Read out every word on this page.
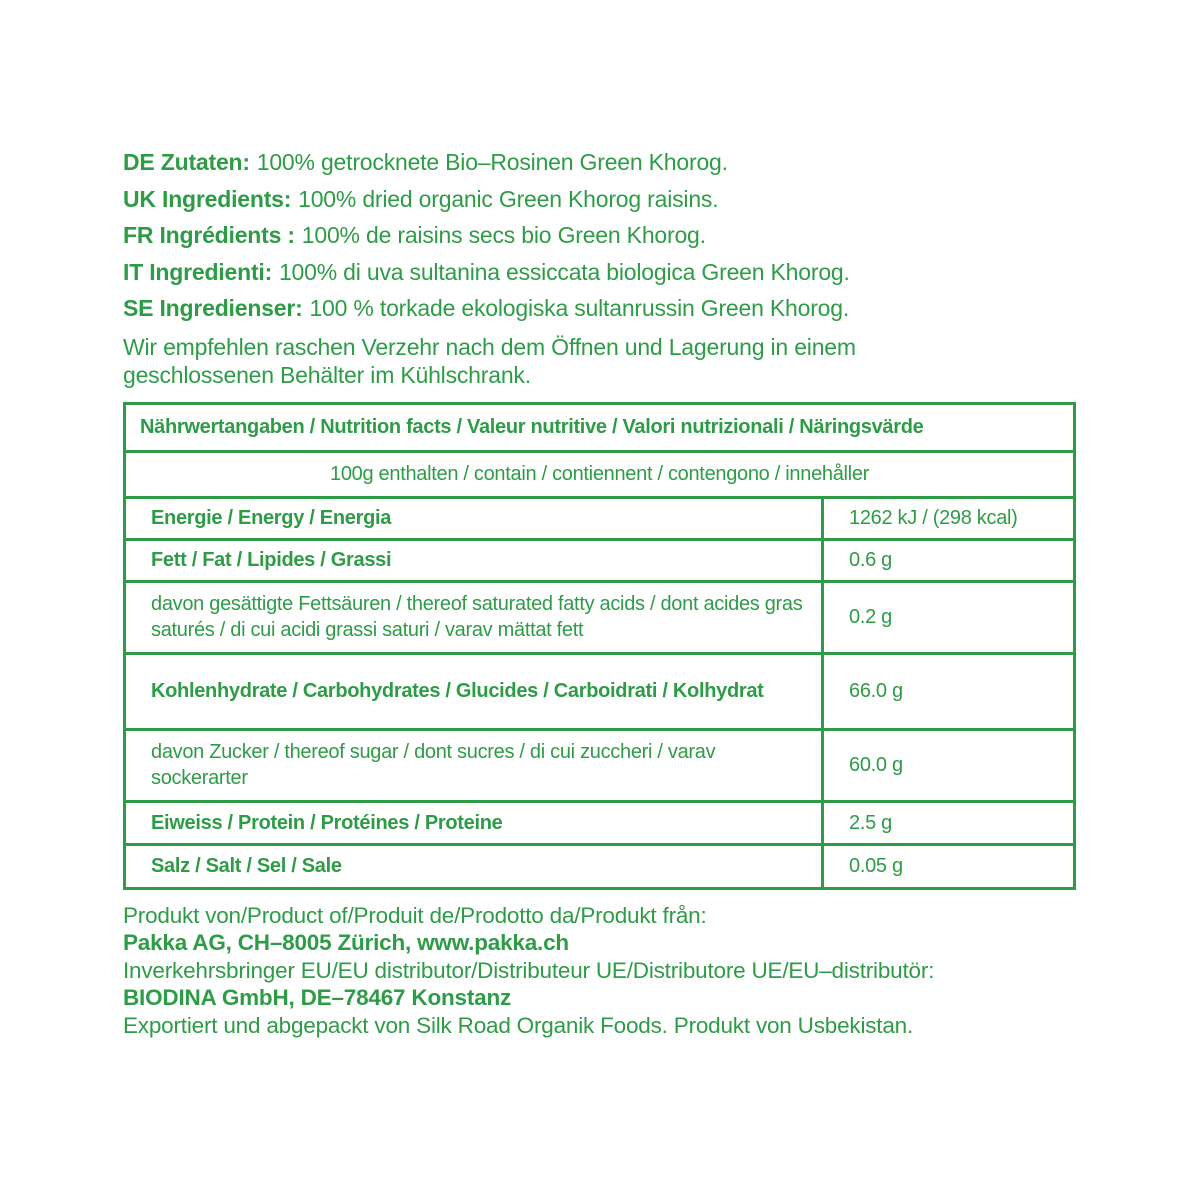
DE Zutaten: 100% getrocknete Bio–Rosinen Green Khorog.
UK Ingredients: 100% dried organic Green Khorog raisins.
FR Ingrédients : 100% de raisins secs bio Green Khorog.
IT Ingredienti: 100% di uva sultanina essiccata biologica Green Khorog.
SE Ingredienser: 100 % torkade ekologiska sultanrussin Green Khorog.
Wir empfehlen raschen Verzehr nach dem Öffnen und Lagerung in einem
geschlossenen Behälter im Kühlschrank.
Nährwertangaben / Nutrition facts / Valeur nutritive / Valori nutrizionali / Näringsvärde	
100g enthalten / contain / contiennent / contengono / innehåller	
Energie / Energy / Energia	1262 kJ / (298 kcal)
Fett / Fat / Lipides / Grassi	0.6 g
davon gesättigte Fettsäuren / thereof saturated fatty acids / dont acides gras saturés / di cui acidi grassi saturi / varav mättat fett	0.2 g
Kohlenhydrate / Carbohydrates / Glucides / Carboidrati / Kolhydrat	66.0 g
davon Zucker / thereof sugar / dont sucres / di cui zuccheri / varav sockerarter	60.0 g
Eiweiss / Protein / Protéines / Proteine	2.5 g
Salz / Salt / Sel / Sale	0.05 g
Produkt von/Product of/Produit de/Prodotto da/Produkt från:
Pakka AG, CH–8005 Zürich, www.pakka.ch
Inverkehrsbringer EU/EU distributor/Distributeur UE/Distributore UE/EU–distributör:
BIODINA GmbH, DE–78467 Konstanz
Exportiert und abgepackt von Silk Road Organik Foods. Produkt von Usbekistan.
